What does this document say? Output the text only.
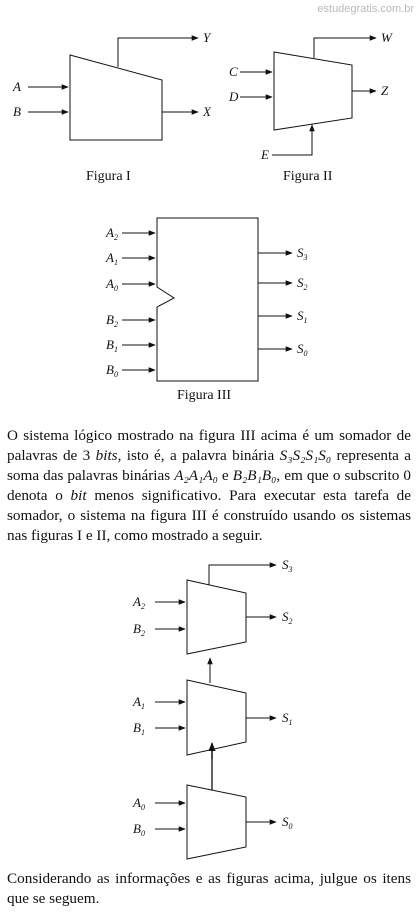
estudegratis.com.br
A
B
Y
X
Figura I
C
D
E
W
Z
Figura II
$A_2$
$A_1$
$A_0$
$B_2$
$B_1$
$B_0$
$S_3$
$S_2$
$S_1$
$S_0$
Figura III
$S_3$
$A_2$
$B_2$
$S_2$
$A_1$
$B_1$
$S_1$
$A_0$
$B_0$
$S_0$
O sistema lógico mostrado na figura III acima é um somador de palavras de 3 bits, isto é, a palavra binária S₃S₂S₁S₀ representa a soma das palavras binárias A₂A₁A₀ e B₂B₁B₀, em que o subscrito 0 denota o bit menos significativo. Para executar esta tarefa de somador, o sistema na figura III é construído usando os sistemas nas figuras I e II, como mostrado a seguir.
Considerando as informações e as figuras acima, julgue os itens que se seguem.
